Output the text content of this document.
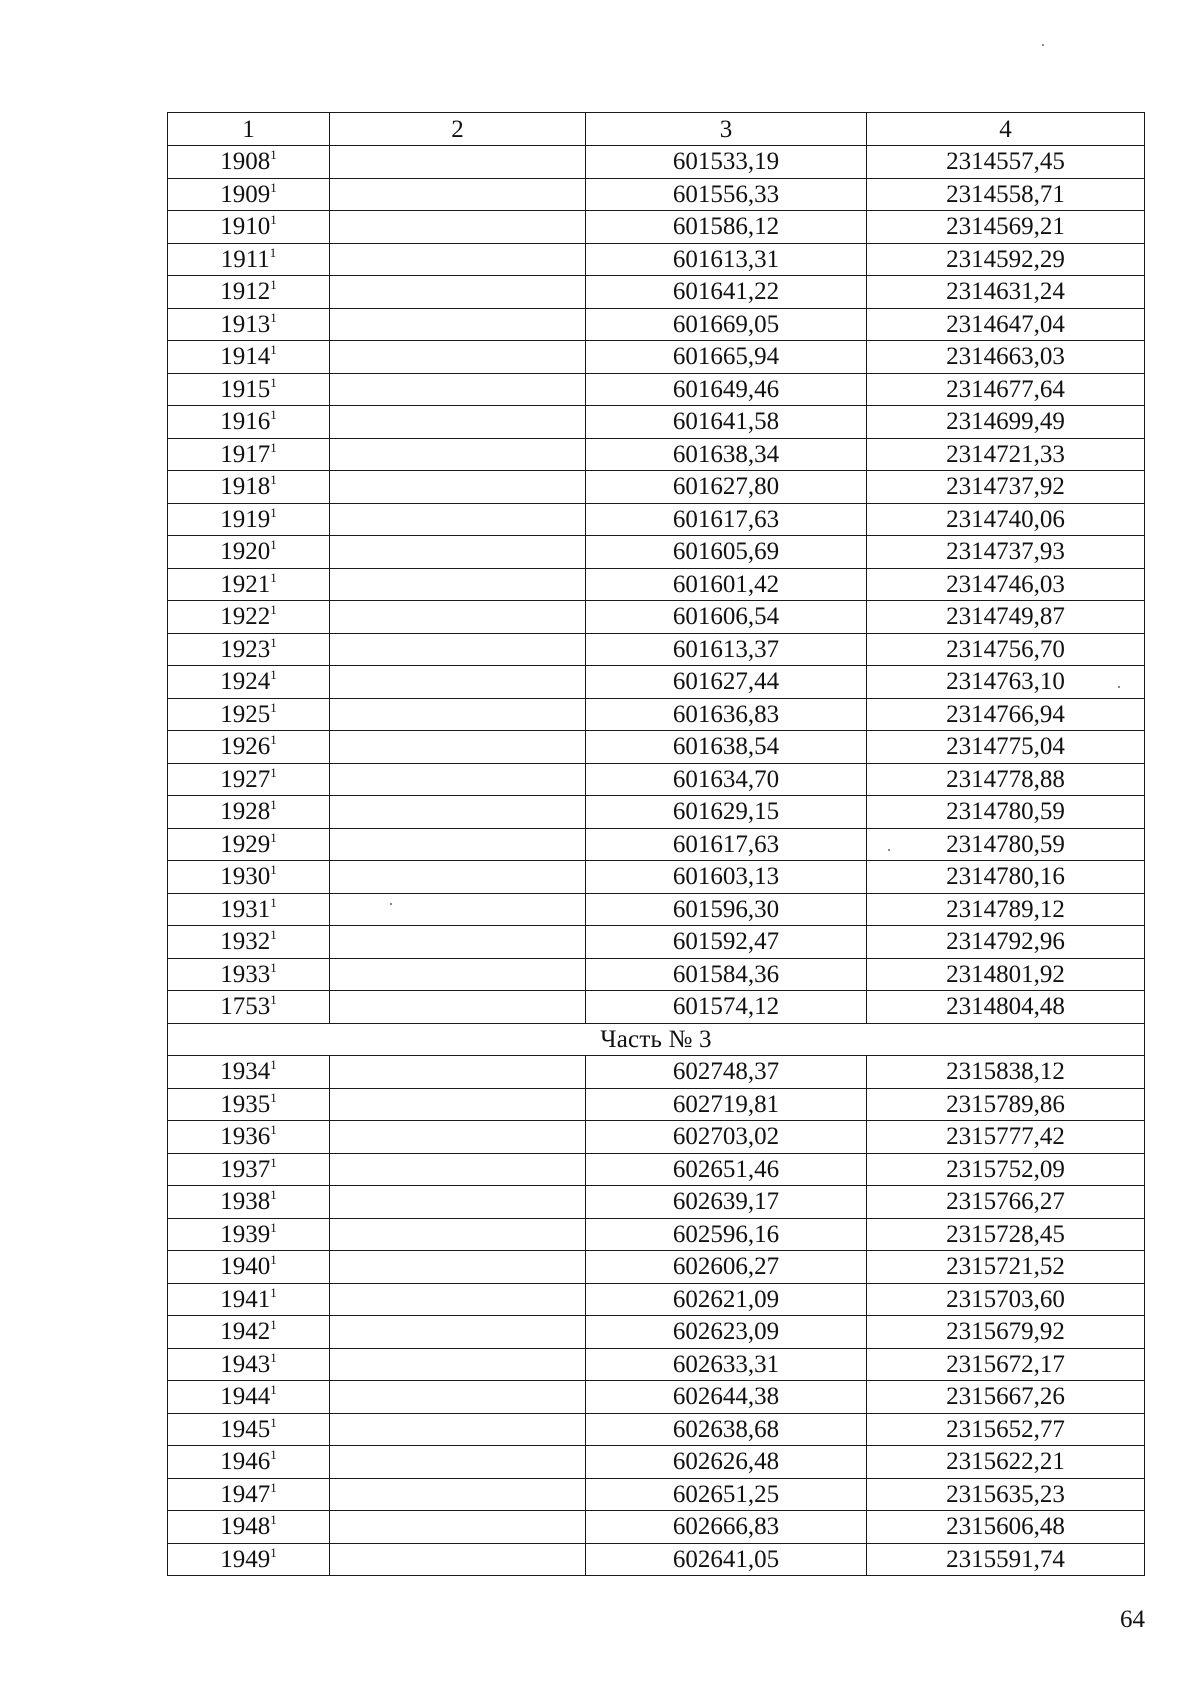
1	2	3	4
1908$^1$		601533,19	2314557,45
1909$^1$		601556,33	2314558,71
1910$^1$		601586,12	2314569,21
1911$^1$		601613,31	2314592,29
1912$^1$		601641,22	2314631,24
1913$^1$		601669,05	2314647,04
1914$^1$		601665,94	2314663,03
1915$^1$		601649,46	2314677,64
1916$^1$		601641,58	2314699,49
1917$^1$		601638,34	2314721,33
1918$^1$		601627,80	2314737,92
1919$^1$		601617,63	2314740,06
1920$^1$		601605,69	2314737,93
1921$^1$		601601,42	2314746,03
1922$^1$		601606,54	2314749,87
1923$^1$		601613,37	2314756,70
1924$^1$		601627,44	2314763,10
1925$^1$		601636,83	2314766,94
1926$^1$		601638,54	2314775,04
1927$^1$		601634,70	2314778,88
1928$^1$		601629,15	2314780,59
1929$^1$		601617,63	2314780,59
1930$^1$		601603,13	2314780,16
1931$^1$		601596,30	2314789,12
1932$^1$		601592,47	2314792,96
1933$^1$		601584,36	2314801,92
1753$^1$		601574,12	2314804,48
Часть № 3			
1934$^1$		602748,37	2315838,12
1935$^1$		602719,81	2315789,86
1936$^1$		602703,02	2315777,42
1937$^1$		602651,46	2315752,09
1938$^1$		602639,17	2315766,27
1939$^1$		602596,16	2315728,45
1940$^1$		602606,27	2315721,52
1941$^1$		602621,09	2315703,60
1942$^1$		602623,09	2315679,92
1943$^1$		602633,31	2315672,17
1944$^1$		602644,38	2315667,26
1945$^1$		602638,68	2315652,77
1946$^1$		602626,48	2315622,21
1947$^1$		602651,25	2315635,23
1948$^1$		602666,83	2315606,48
1949$^1$		602641,05	2315591,74
64
